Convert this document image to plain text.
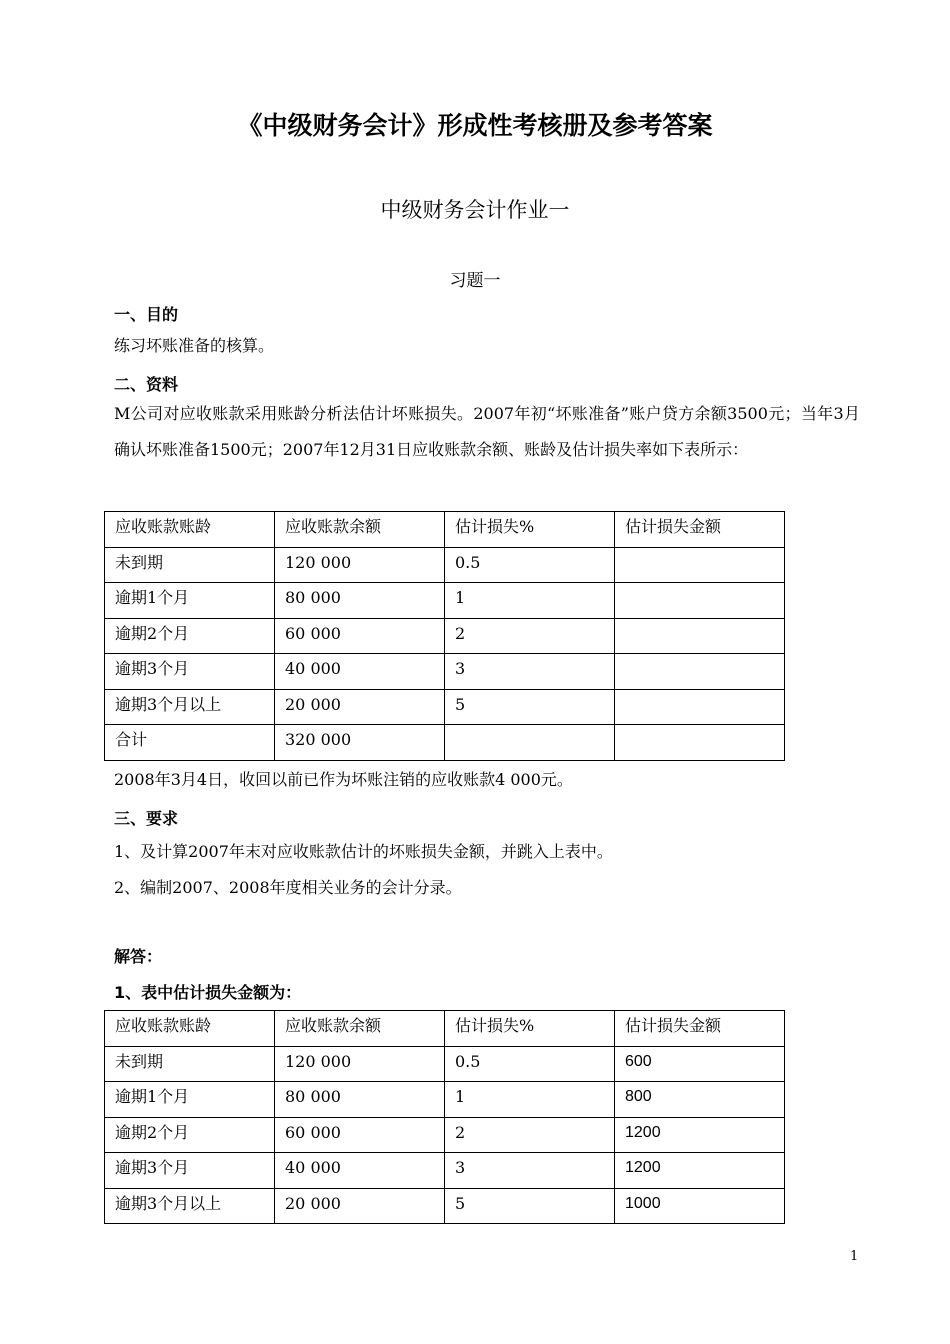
《中级财务会计》形成性考核册及参考答案
中级财务会计作业一
习题一
一、目的
练习坏账准备的核算。
二、资料
M公司对应收账款采用账龄分析法估计坏账损失。2007年初“坏账准备”账户贷方余额3500元；当年3月确认坏账准备1500元；2007年12月31日应收账款余额、账龄及估计损失率如下表所示：
应收账款账龄	应收账款余额	估计损失%	估计损失金额
未到期	120 000	0.5	
逾期1个月	80 000	1	
逾期2个月	60 000	2	
逾期3个月	40 000	3	
逾期3个月以上	20 000	5	
合计	320 000		
2008年3月4日，收回以前已作为坏账注销的应收账款4 000元。
三、要求
1、及计算2007年末对应收账款估计的坏账损失金额，并跳入上表中。
2、编制2007、2008年度相关业务的会计分录。
解答：
1、表中估计损失金额为：
应收账款账龄	应收账款余额	估计损失%	估计损失金额
未到期	120 000	0.5	600
逾期1个月	80 000	1	800
逾期2个月	60 000	2	1200
逾期3个月	40 000	3	1200
逾期3个月以上	20 000	5	1000
1
